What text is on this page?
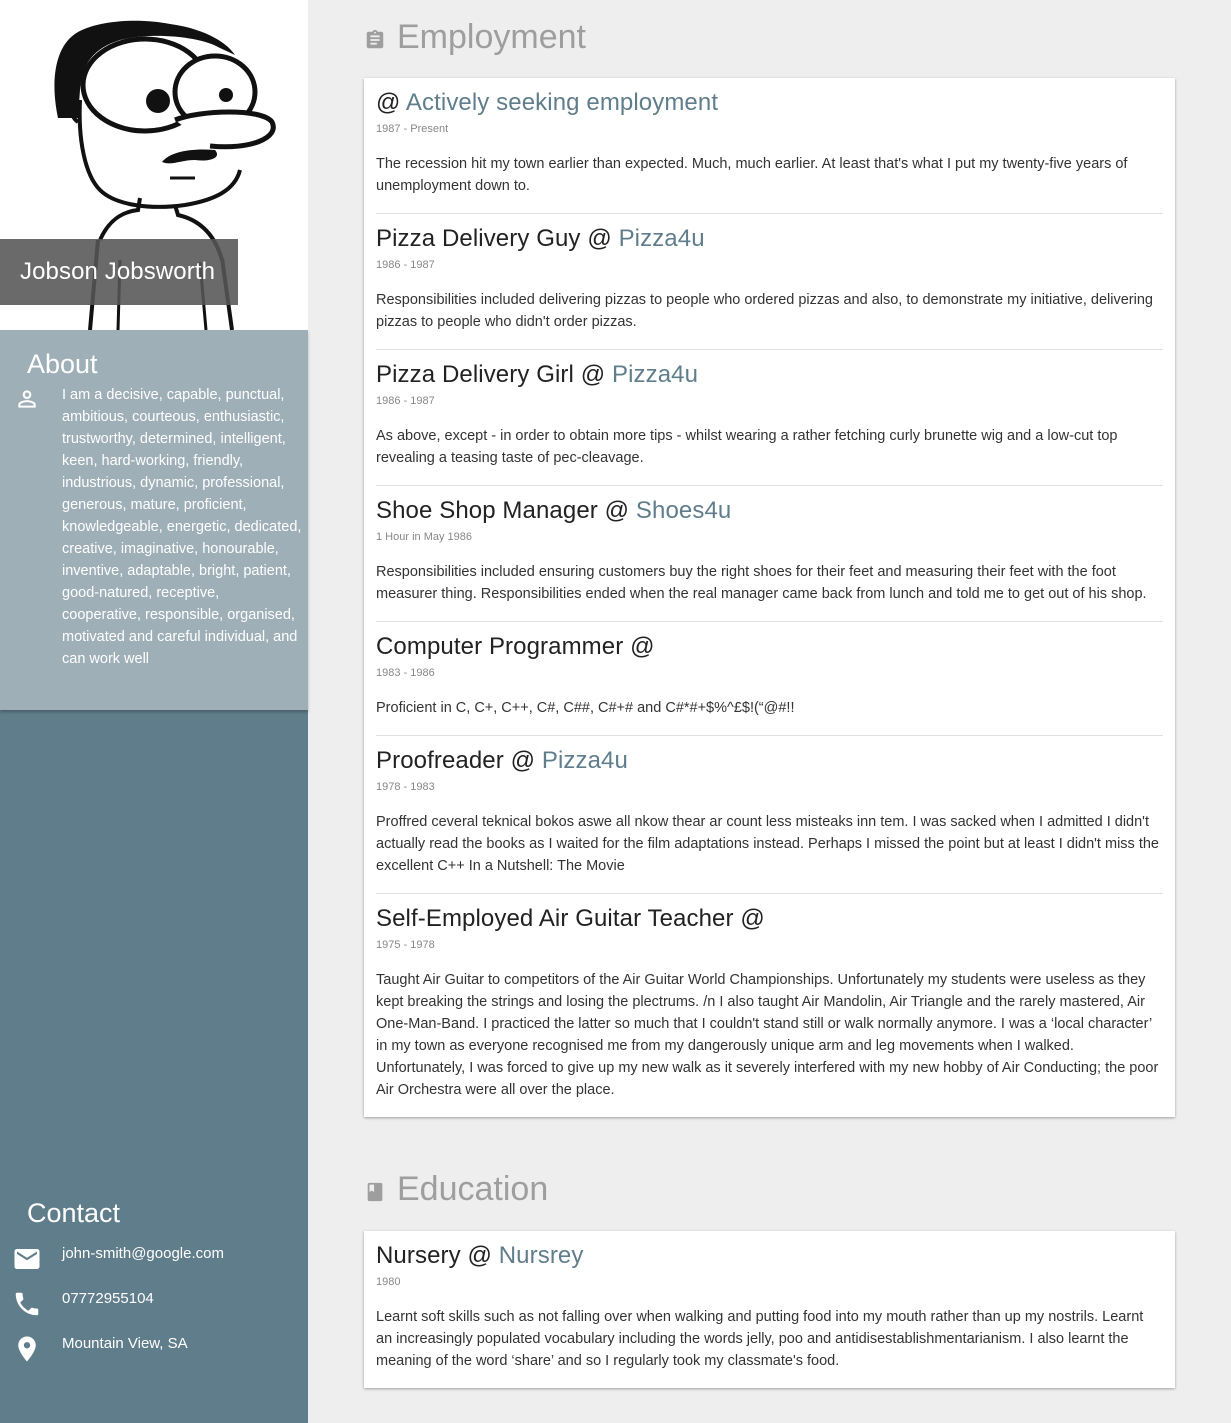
Jobson Jobsworth
About
I am a decisive, capable, punctual, ambitious, courteous, enthusiastic, trustworthy, determined, intelligent, keen, hard-working, friendly, industrious, dynamic, professional, generous, mature, proficient, knowledgeable, energetic, dedicated, creative, imaginative, honourable, inventive, adaptable, bright, patient, good-natured, receptive, cooperative, responsible, organised, motivated and careful individual, and can work well
Contact
john-smith@google.com
07772955104
Mountain View, SA
Employment
@ Actively seeking employment
1987 - Present
The recession hit my town earlier than expected. Much, much earlier. At least that's what I put my twenty-five years of unemployment down to.
Pizza Delivery Guy @ Pizza4u
1986 - 1987
Responsibilities included delivering pizzas to people who ordered pizzas and also, to demonstrate my initiative, delivering pizzas to people who didn't order pizzas.
Pizza Delivery Girl @ Pizza4u
1986 - 1987
As above, except - in order to obtain more tips - whilst wearing a rather fetching curly brunette wig and a low-cut top revealing a teasing taste of pec-cleavage.
Shoe Shop Manager @ Shoes4u
1 Hour in May 1986
Responsibilities included ensuring customers buy the right shoes for their feet and measuring their feet with the foot measurer thing. Responsibilities ended when the real manager came back from lunch and told me to get out of his shop.
Computer Programmer @
1983 - 1986
Proficient in C, C+, C++, C#, C##, C#+# and C#*#+$%^£$!(“@#!!
Proofreader @ Pizza4u
1978 - 1983
Proffred ceveral teknical bokos aswe all nkow thear ar count less misteaks inn tem. I was sacked when I admitted I didn't actually read the books as I waited for the film adaptations instead. Perhaps I missed the point but at least I didn't miss the excellent C++ In a Nutshell: The Movie
Self-Employed Air Guitar Teacher @
1975 - 1978
Taught Air Guitar to competitors of the Air Guitar World Championships. Unfortunately my students were useless as they kept breaking the strings and losing the plectrums. /n I also taught Air Mandolin, Air Triangle and the rarely mastered, Air One-Man-Band. I practiced the latter so much that I couldn't stand still or walk normally anymore. I was a ‘local character’ in my town as everyone recognised me from my dangerously unique arm and leg movements when I walked. Unfortunately, I was forced to give up my new walk as it severely interfered with my new hobby of Air Conducting; the poor Air Orchestra were all over the place.
Education
Nursery @ Nursrey
1980
Learnt soft skills such as not falling over when walking and putting food into my mouth rather than up my nostrils. Learnt an increasingly populated vocabulary including the words jelly, poo and antidisestablishmentarianism. I also learnt the meaning of the word ‘share’ and so I regularly took my classmate's food.
